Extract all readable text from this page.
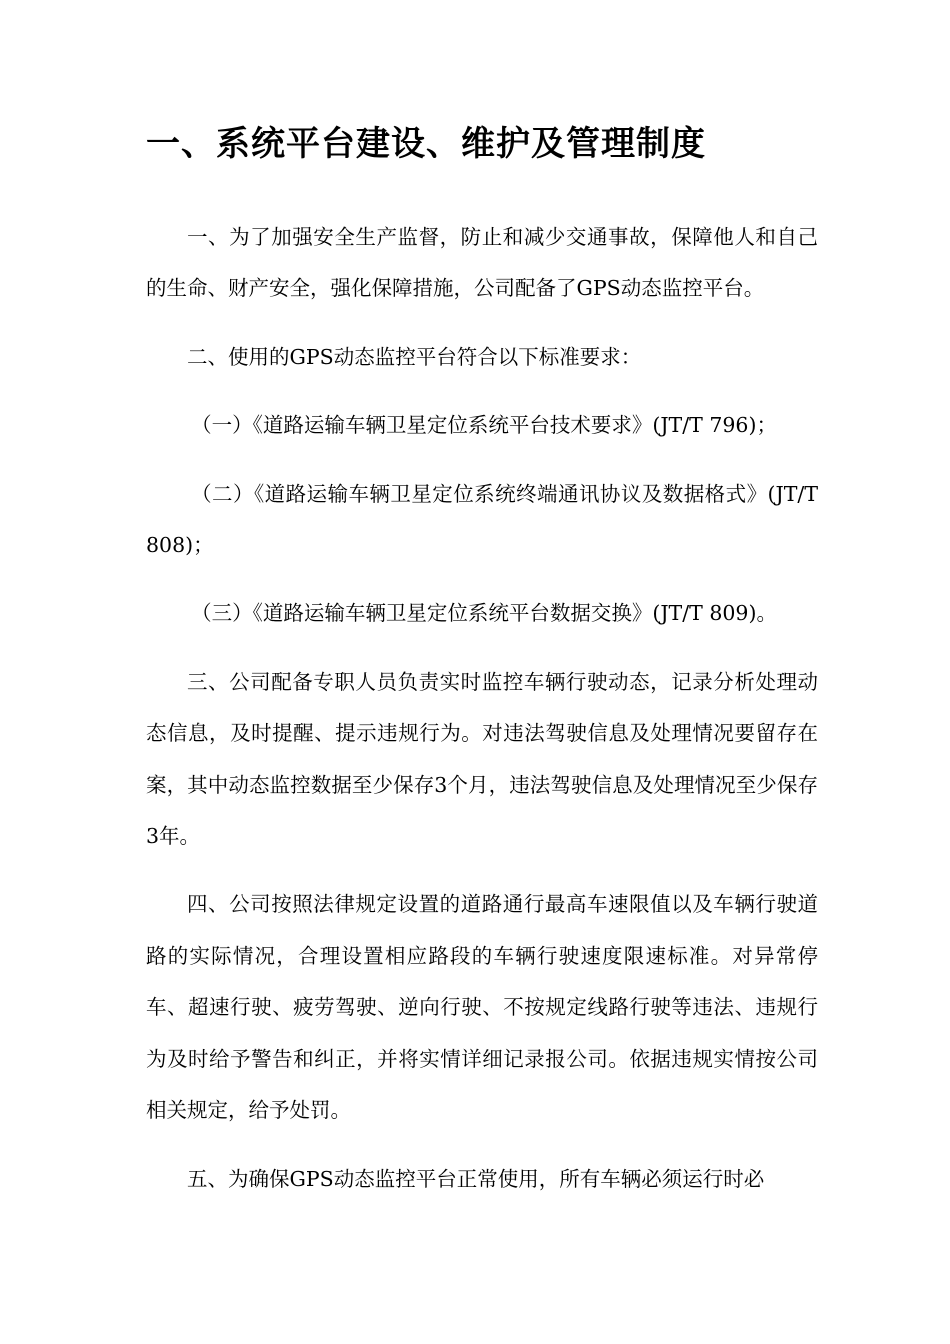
一、系统平台建设、维护及管理制度

一、为了加强安全生产监督，防止和减少交通事故，保障他人和自己的生命、财产安全，强化保障措施，公司配备了GPS动态监控平台。

二、使用的GPS动态监控平台符合以下标准要求：

（一）《道路运输车辆卫星定位系统平台技术要求》(JT/T 796)；

（二）《道路运输车辆卫星定位系统终端通讯协议及数据格式》(JT/T 808)；

（三）《道路运输车辆卫星定位系统平台数据交换》(JT/T 809)。

三、公司配备专职人员负责实时监控车辆行驶动态，记录分析处理动态信息，及时提醒、提示违规行为。对违法驾驶信息及处理情况要留存在案，其中动态监控数据至少保存3个月，违法驾驶信息及处理情况至少保存3年。

四、公司按照法律规定设置的道路通行最高车速限值以及车辆行驶道路的实际情况，合理设置相应路段的车辆行驶速度限速标准。对异常停车、超速行驶、疲劳驾驶、逆向行驶、不按规定线路行驶等违法、违规行为及时给予警告和纠正，并将实情详细记录报公司。依据违规实情按公司相关规定，给予处罚。

五、为确保GPS动态监控平台正常使用，所有车辆必须运行时必
